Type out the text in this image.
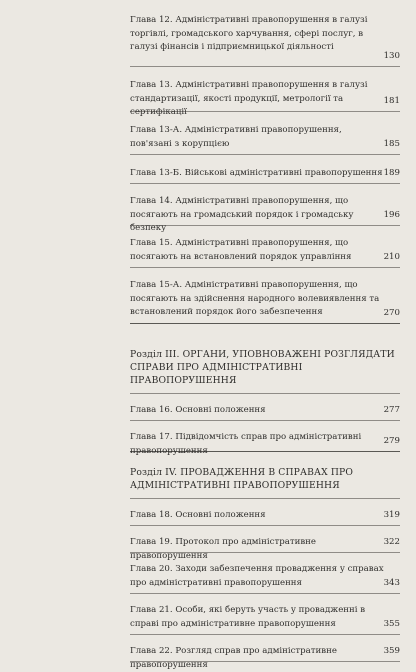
Глава 12. Адміністративні правопорушення в галузі торгівлі, громадського харчування, сфері послуг, в галузі фінансів і підприємницької діяльності
130
Глава 13. Адміністративні правопорушення в галузі стандартизації, якості продукції, метрології та сертифікації
181
Глава 13-А. Адміністративні правопорушення, пов'язані з корупцією	185
Глава 13-Б. Військові адміністративні правопорушення 189
Глава 14. Адміністративні правопорушення, що посягають на громадський порядок і громадську безпеку
196
Глава 15. Адміністративні правопорушення, що посягають на встановлений порядок управління	210
Глава 15-А. Адміністративні правопорушення, що посягають на здійснення народного волевиявлення та встановлений порядок його забезпечення	270
Розділ III. ОРГАНИ, УПОВНОВАЖЕНІ РОЗГЛЯДАТИ СПРАВИ ПРО АДМІНІСТРАТИВНІ ПРАВОПОРУШЕННЯ
Глава 16. Основні положення	277
Глава 17. Підвідомчість справ про адміністративні правопорушення
279
Розділ IV. ПРОВАДЖЕННЯ В СПРАВАХ ПРО АДМІНІСТРАТИВНІ ПРАВОПОРУШЕННЯ
Глава 18. Основні положення	319
Глава 19. Протокол про адміністративне правопорушення
322
Глава 20. Заходи забезпечення провадження у справах про адміністративні правопорушення	343
Глава 21. Особи, які беруть участь у провадженні в справі про адміністративне правопорушення	355
Глава 22. Розгляд справ про адміністративне правопорушення
359
